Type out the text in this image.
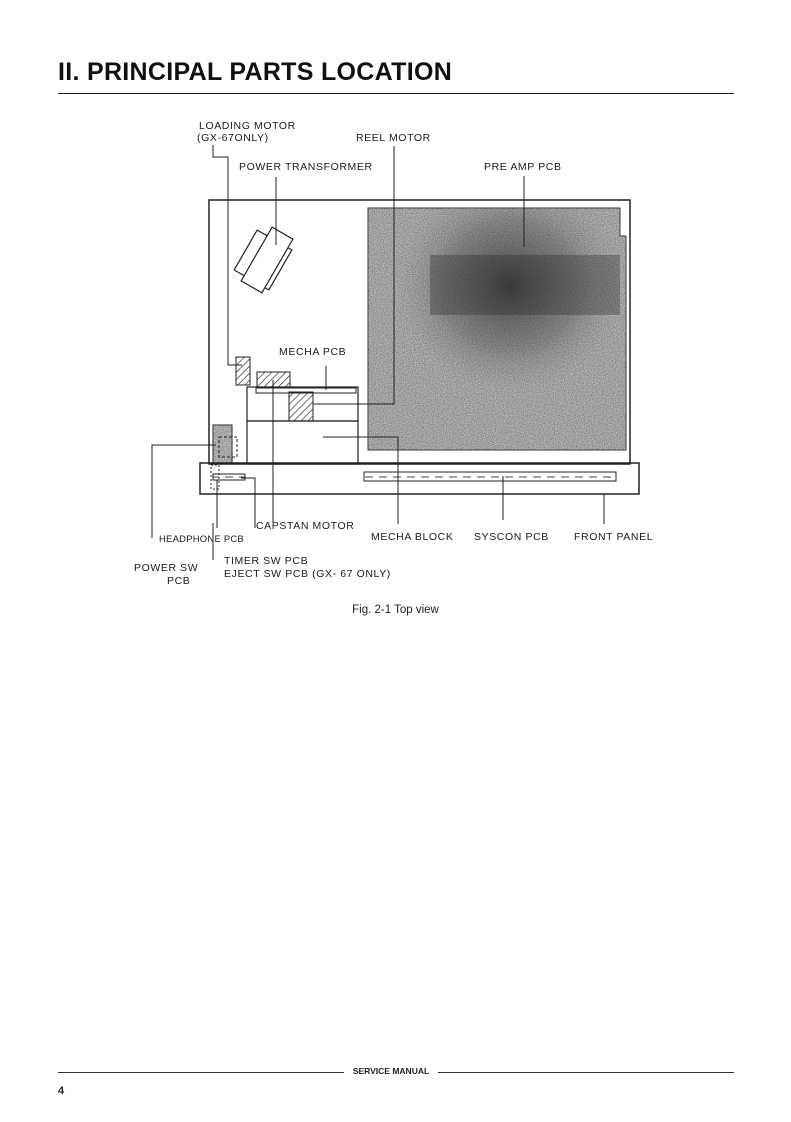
II. PRINCIPAL PARTS LOCATION
LOADING MOTOR
(GX-67ONLY)	REEL MOTOR
POWER TRANSFORMER	PRE AMP PCB
MECHA PCB
CAPSTAN MOTOR
HEADPHONE PCB	MECHA BLOCK SYSCON PCB FRONT PANEL
POWER SW
PCB
TIMER SW PCB
EJECT SW PCB (GX- 67 ONLY)
Fig. 2-1 Top view
SERVICE MANUAL
4
